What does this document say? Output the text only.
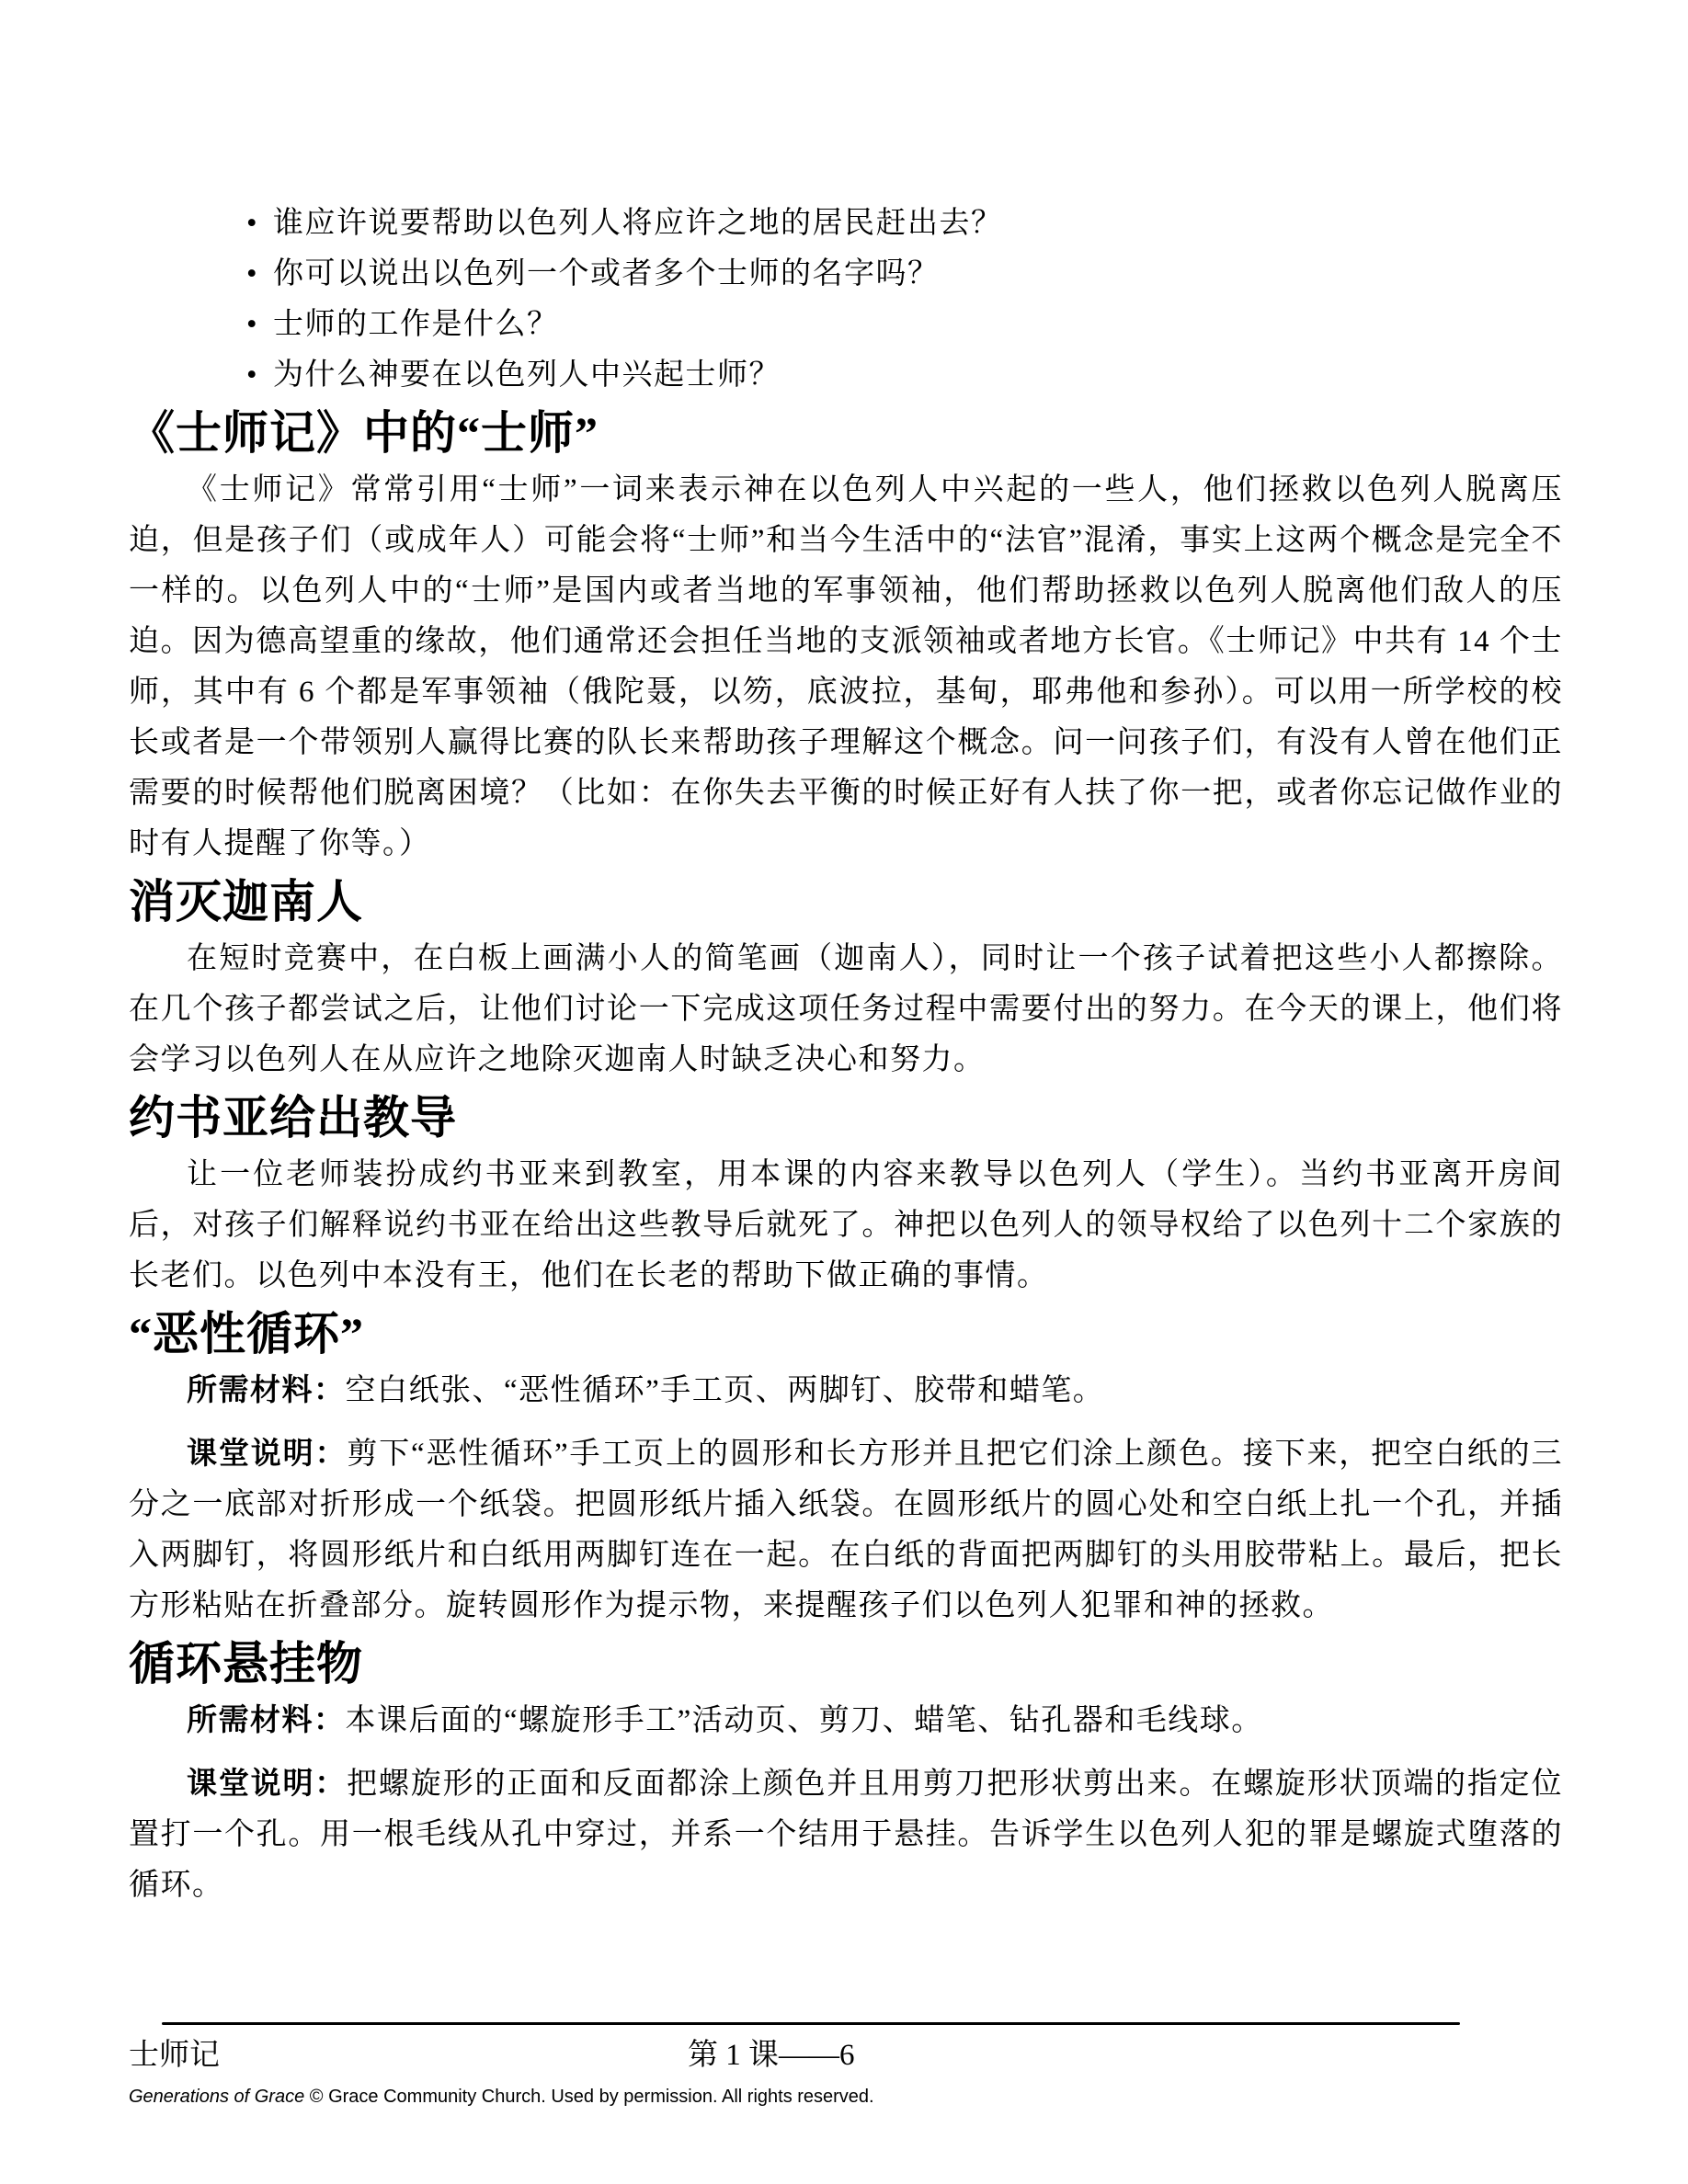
• 谁应许说要帮助以色列人将应许之地的居民赶出去？
• 你可以说出以色列一个或者多个士师的名字吗？
• 士师的工作是什么？
• 为什么神要在以色列人中兴起士师？
《士师记》中的“士师”

《士师记》常常引用“士师”一词来表示神在以色列人中兴起的一些人，他们拯救以色列人脱离压迫，但是孩子们（或成年人）可能会将“士师”和当今生活中的“法官”混淆，事实上这两个概念是完全不一样的。以色列人中的“士师”是国内或者当地的军事领袖，他们帮助拯救以色列人脱离他们敌人的压迫。因为德高望重的缘故，他们通常还会担任当地的支派领袖或者地方长官。《士师记》中共有 14 个士师，其中有 6 个都是军事领袖（俄陀聂，以笏，底波拉，基甸，耶弗他和参孙）。可以用一所学校的校长或者是一个带领别人赢得比赛的队长来帮助孩子理解这个概念。问一问孩子们，有没有人曾在他们正需要的时候帮他们脱离困境？（比如：在你失去平衡的时候正好有人扶了你一把，或者你忘记做作业的时有人提醒了你等。）

消灭迦南人

在短时竞赛中，在白板上画满小人的简笔画（迦南人），同时让一个孩子试着把这些小人都擦除。在几个孩子都尝试之后，让他们讨论一下完成这项任务过程中需要付出的努力。在今天的课上，他们将会学习以色列人在从应许之地除灭迦南人时缺乏决心和努力。

约书亚给出教导

让一位老师装扮成约书亚来到教室，用本课的内容来教导以色列人（学生）。当约书亚离开房间后，对孩子们解释说约书亚在给出这些教导后就死了。神把以色列人的领导权给了以色列十二个家族的长老们。以色列中本没有王，他们在长老的帮助下做正确的事情。

“恶性循环”

所需材料：空白纸张、“恶性循环”手工页、两脚钉、胶带和蜡笔。

课堂说明：剪下“恶性循环”手工页上的圆形和长方形并且把它们涂上颜色。接下来，把空白纸的三分之一底部对折形成一个纸袋。把圆形纸片插入纸袋。在圆形纸片的圆心处和空白纸上扎一个孔，并插入两脚钉，将圆形纸片和白纸用两脚钉连在一起。在白纸的背面把两脚钉的头用胶带粘上。最后，把长方形粘贴在折叠部分。旋转圆形作为提示物，来提醒孩子们以色列人犯罪和神的拯救。

循环悬挂物

所需材料：本课后面的“螺旋形手工”活动页、剪刀、蜡笔、钻孔器和毛线球。

课堂说明：把螺旋形的正面和反面都涂上颜色并且用剪刀把形状剪出来。在螺旋形状顶端的指定位置打一个孔。用一根毛线从孔中穿过，并系一个结用于悬挂。告诉学生以色列人犯的罪是螺旋式堕落的循环。

士师记	第 1 课——6
Generations of Grace © Grace Community Church. Used by permission. All rights reserved.
